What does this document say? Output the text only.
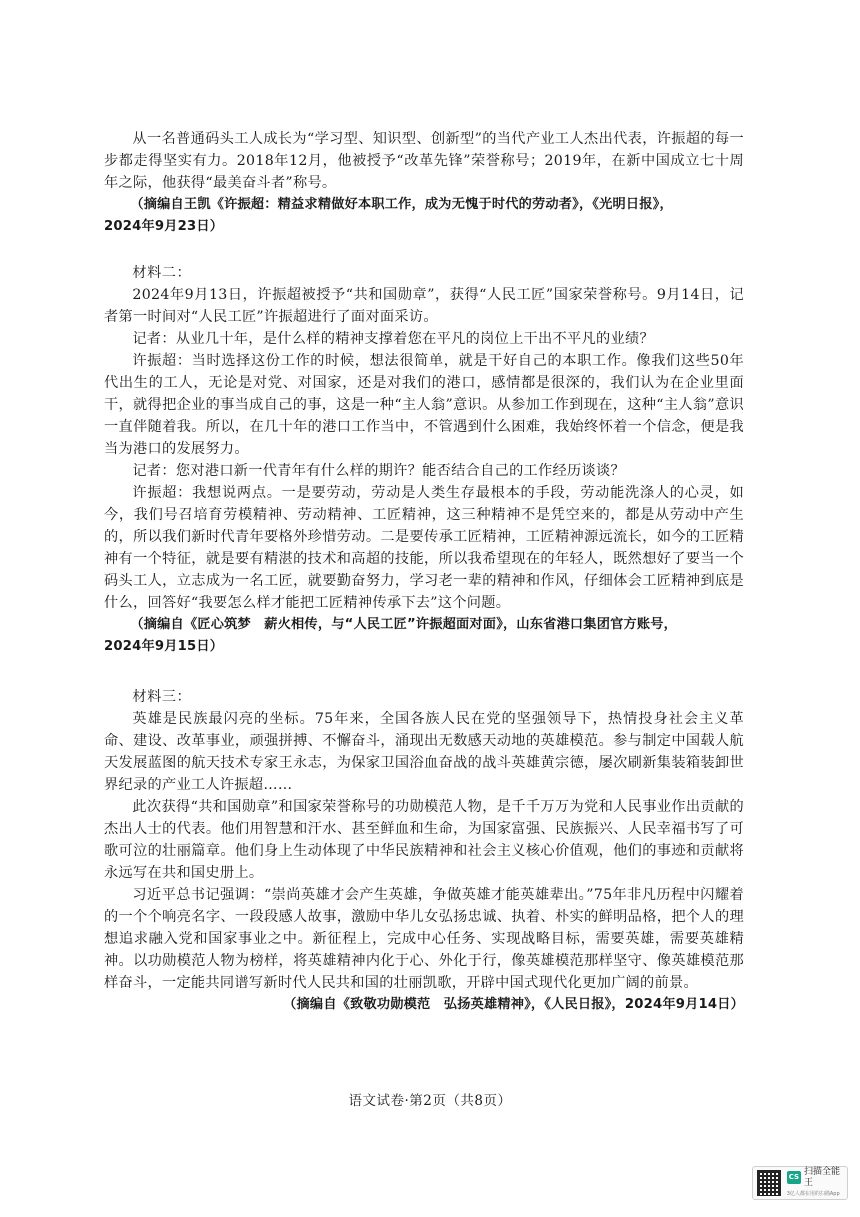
从一名普通码头工人成长为“学习型、知识型、创新型”的当代产业工人杰出代表，许振超的每一步都走得坚实有力。2018年12月，他被授予“改革先锋”荣誉称号；2019年，在新中国成立七十周年之际，他获得“最美奋斗者”称号。

（摘编自王凯《许振超：精益求精做好本职工作，成为无愧于时代的劳动者》，《光明日报》，

2024年9月23日）

材料二：

2024年9月13日，许振超被授予“共和国勋章”，获得“人民工匠”国家荣誉称号。9月14日，记者第一时间对“人民工匠”许振超进行了面对面采访。

记者：从业几十年，是什么样的精神支撑着您在平凡的岗位上干出不平凡的业绩？

许振超：当时选择这份工作的时候，想法很简单，就是干好自己的本职工作。像我们这些50年代出生的工人，无论是对党、对国家，还是对我们的港口，感情都是很深的，我们认为在企业里面干，就得把企业的事当成自己的事，这是一种“主人翁”意识。从参加工作到现在，这种“主人翁”意识一直伴随着我。所以，在几十年的港口工作当中，不管遇到什么困难，我始终怀着一个信念，便是我当为港口的发展努力。

记者：您对港口新一代青年有什么样的期许？能否结合自己的工作经历谈谈？

许振超：我想说两点。一是要劳动，劳动是人类生存最根本的手段，劳动能洗涤人的心灵，如今，我们号召培育劳模精神、劳动精神、工匠精神，这三种精神不是凭空来的，都是从劳动中产生的，所以我们新时代青年要格外珍惜劳动。二是要传承工匠精神，工匠精神源远流长，如今的工匠精神有一个特征，就是要有精湛的技术和高超的技能，所以我希望现在的年轻人，既然想好了要当一个码头工人，立志成为一名工匠，就要勤奋努力，学习老一辈的精神和作风，仔细体会工匠精神到底是什么，回答好“我要怎么样才能把工匠精神传承下去”这个问题。

（摘编自《匠心筑梦　薪火相传，与“人民工匠”许振超面对面》，山东省港口集团官方账号，

2024年9月15日）

材料三：

英雄是民族最闪亮的坐标。75年来，全国各族人民在党的坚强领导下，热情投身社会主义革命、建设、改革事业，顽强拼搏、不懈奋斗，涌现出无数感天动地的英雄模范。参与制定中国载人航天发展蓝图的航天技术专家王永志，为保家卫国浴血奋战的战斗英雄黄宗德，屡次刷新集装箱装卸世界纪录的产业工人许振超……

此次获得“共和国勋章”和国家荣誉称号的功勋模范人物，是千千万万为党和人民事业作出贡献的杰出人士的代表。他们用智慧和汗水、甚至鲜血和生命，为国家富强、民族振兴、人民幸福书写了可歌可泣的壮丽篇章。他们身上生动体现了中华民族精神和社会主义核心价值观，他们的事迹和贡献将永远写在共和国史册上。

习近平总书记强调：“崇尚英雄才会产生英雄，争做英雄才能英雄辈出。”75年非凡历程中闪耀着的一个个响亮名字、一段段感人故事，激励中华儿女弘扬忠诚、执着、朴实的鲜明品格，把个人的理想追求融入党和国家事业之中。新征程上，完成中心任务、实现战略目标，需要英雄，需要英雄精神。以功勋模范人物为榜样，将英雄精神内化于心、外化于行，像英雄模范那样坚守、像英雄模范那样奋斗，一定能共同谱写新时代人民共和国的壮丽凯歌，开辟中国式现代化更加广阔的前景。

（摘编自《致敬功勋模范　弘扬英雄精神》，《人民日报》，2024年9月14日）

语文试卷·第2页（共8页）
CS
扫描全能王
3亿人都在用的扫描App
